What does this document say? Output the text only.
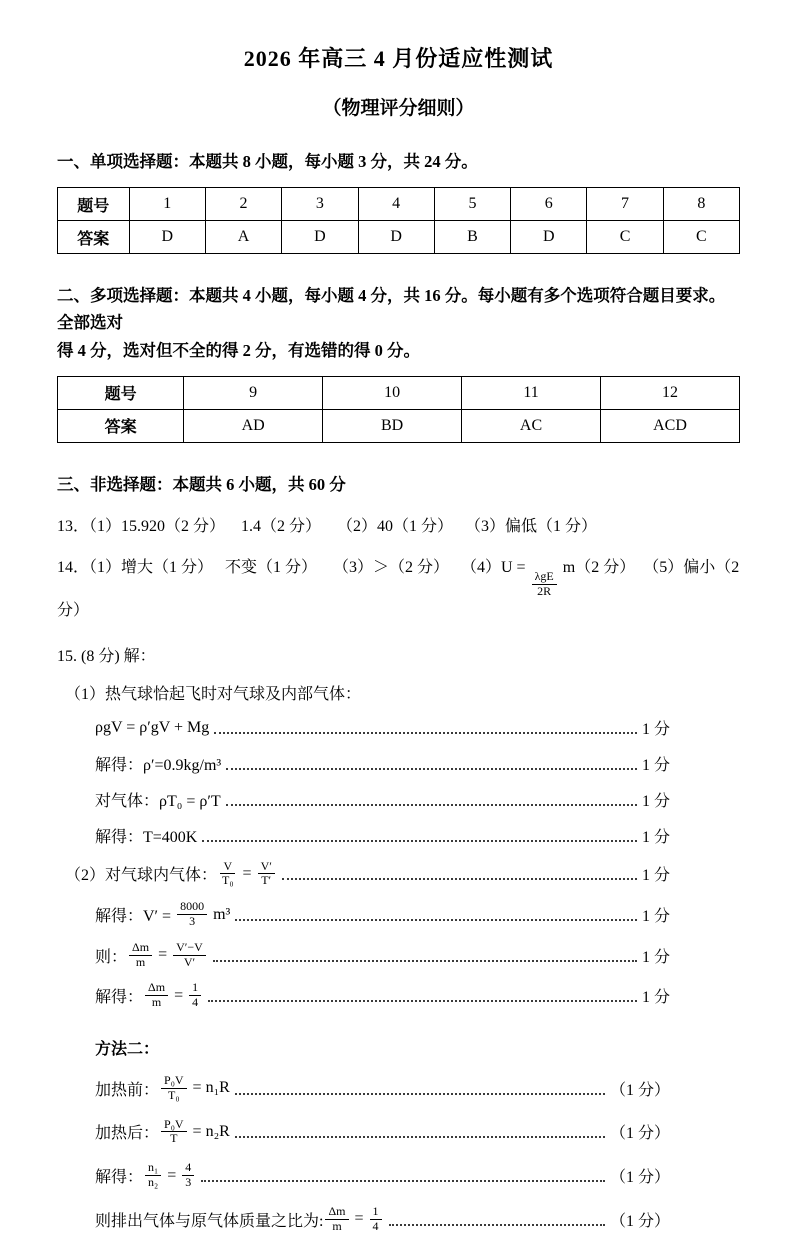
2026 年高三 4 月份适应性测试
（物理评分细则）
一、单项选择题：本题共 8 小题，每小题 3 分，共 24 分。
题号	1	2	3	4	5	6	7	8
答案	D	A	D	D	B	D	C	C
二、多项选择题：本题共 4 小题，每小题 4 分，共 16 分。每小题有多个选项符合题目要求。全部选对
得 4 分，选对但不全的得 2 分，有选错的得 0 分。
题号	9	10	11	12
答案	AD	BD	AC	ACD
三、非选择题：本题共 6 小题，共 60 分
13．（1）15.920（2 分）    1.4（2 分）    （2）40（1 分）   （3）偏低（1 分）
14．（1）增大（1 分）   不变（1 分）    （3）＞（2 分）   （4）U =
$\frac{\text{λgE}}{2R}$
m（2 分）  （5）偏小（2 分）
15. (8 分) 解：
（1）热气球恰起飞时对气球及内部气体：
ρgV = ρ′gV + Mg	1 分
解得：ρ′=0.9kg/m³	1 分
对气体：ρT₀ = ρ′T	1 分
解得：T=400K	1 分
（2）对气球内气体： $\frac{V}{\text{T₀}} = \frac{V'}{T'}$	1 分
解得：$V' = \frac{8000}{3} m^3$	1 分
则： $\frac{\Delta m}{m} = \frac{V'-V}{V'}$	1 分
解得： $\frac{\Delta m}{m} = \frac{1}{4}$	1 分
方法二：
加热前： $\frac{\text{P₀V}}{\text{T₀}} = n_1R$	（1 分）
加热后： $\frac{\text{P₀V}}{T} = n_2R$	（1 分）
解得： $\frac{\text{n₁}}{\text{n₂}} = \frac{4}{3}$	（1 分）
则排出气体与原气体质量之比为: $\frac{\Delta m}{m} = \frac{1}{4}$	（1 分）
